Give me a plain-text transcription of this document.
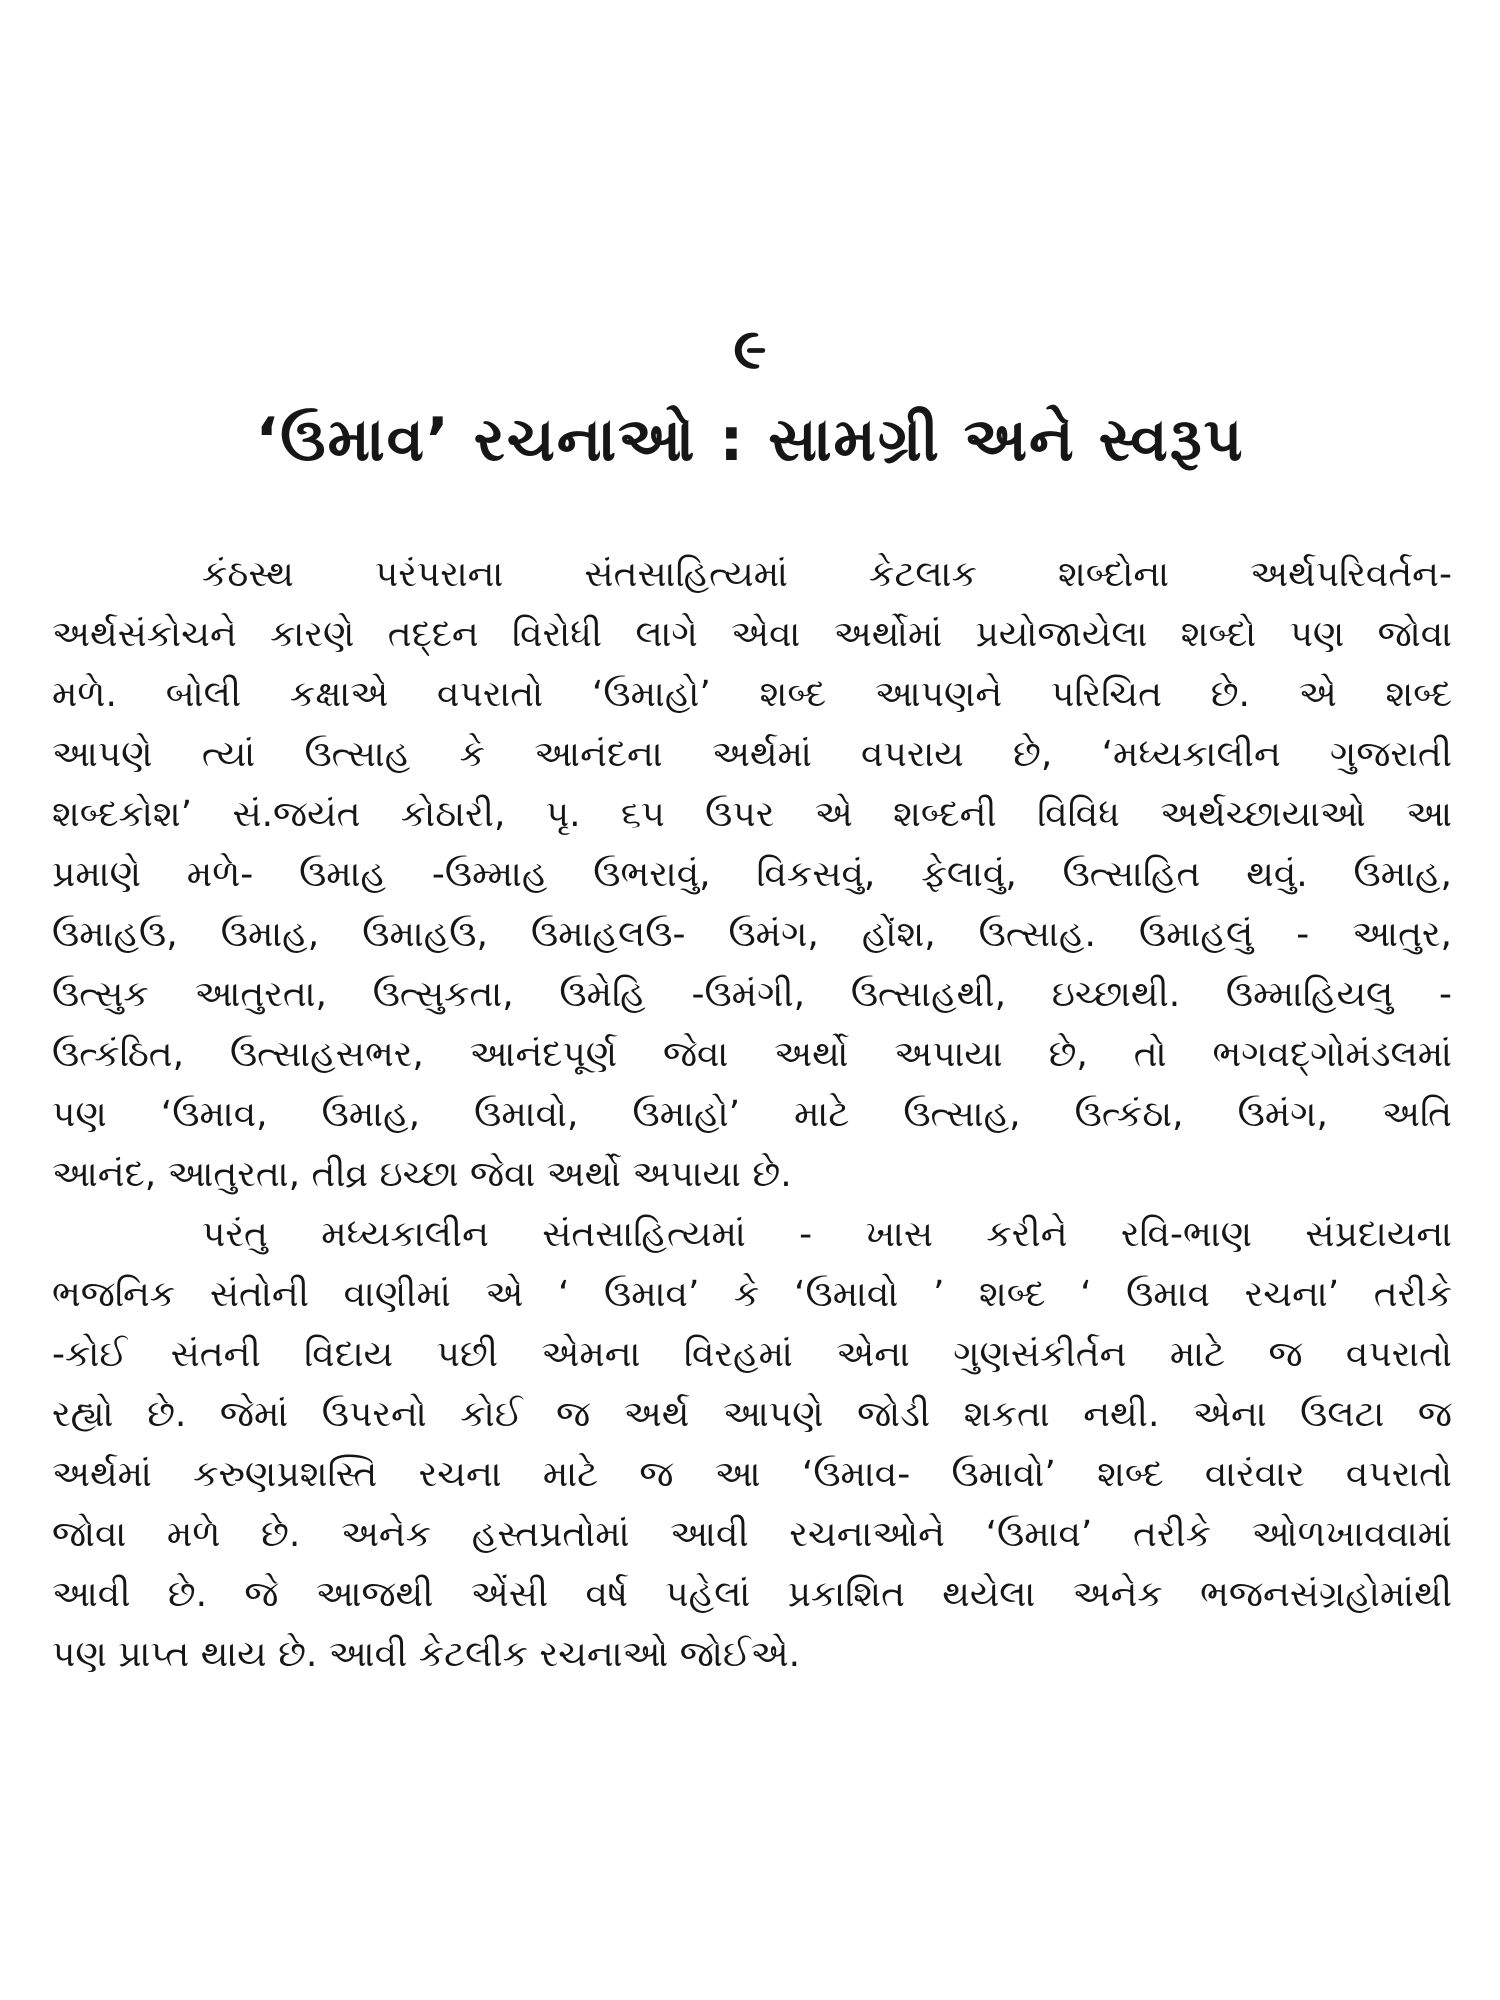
૯
‘ઉમાવ’ રચનાઓ : સામગ્રી અને સ્વરૂપ
કંઠસ્થ પરંપરાના સંતસાહિત્યમાં કેટલાક શબ્દોના અર્થપરિવર્તન-
અર્થસંકોચને કારણે તદ્દન વિરોધી લાગે એવા અર્થોમાં પ્રયોજાયેલા શબ્દો પણ જોવા
મળે. બોલી કક્ષાએ વપરાતો ‘ઉમાહો’ શબ્દ આપણને પરિચિત છે. એ શબ્દ
આપણે ત્યાં ઉત્સાહ કે આનંદના અર્થમાં વપરાય છે, ‘મધ્યકાલીન ગુજરાતી
શબ્દકોશ’ સં.જયંત કોઠારી, પૃ. ૬૫ ઉપર એ શબ્દની વિવિધ અર્થચ્છાયાઓ આ
પ્રમાણે મળે- ઉમાહ -ઉમ્માહ ઉભરાવું, વિકસવું, ફેલાવું, ઉત્સાહિત થવું. ઉમાહ,
ઉમાહઉ, ઉમાહ, ઉમાહઉ, ઉમાહલઉ- ઉમંગ, હોંશ, ઉત્સાહ. ઉમાહલું - આતુર,
ઉત્સુક આતુરતા, ઉત્સુકતા, ઉમેહિ -ઉમંગી, ઉત્સાહથી, ઇચ્છાથી. ઉમ્માહિયલુ -
ઉત્કંઠિત, ઉત્સાહસભર, આનંદપૂર્ણ જેવા અર્થો અપાયા છે, તો ભગવદ્‌ગોમંડલમાં
પણ ‘ઉમાવ, ઉમાહ, ઉમાવો, ઉમાહો’ માટે ઉત્સાહ, ઉત્કંઠા, ઉમંગ, અતિ
આનંદ, આતુરતા, તીવ્ર ઇચ્છા જેવા અર્થો અપાયા છે.
પરંતુ મધ્યકાલીન સંતસાહિત્યમાં - ખાસ કરીને રવિ-ભાણ સંપ્રદાયના
ભજનિક સંતોની વાણીમાં એ ‘ ઉમાવ’ કે ‘ઉમાવો ’ શબ્દ ‘ ઉમાવ રચના’ તરીકે
-કોઈ સંતની વિદાય પછી એમના વિરહમાં એના ગુણસંકીર્તન માટે જ વપરાતો
રહ્યો છે. જેમાં ઉપરનો કોઈ જ અર્થ આપણે જોડી શકતા નથી. એના ઉલટા જ
અર્થમાં કરુણપ્રશસ્તિ રચના માટે જ આ ‘ઉમાવ- ઉમાવો’ શબ્દ વારંવાર વપરાતો
જોવા મળે છે. અનેક હસ્તપ્રતોમાં આવી રચનાઓને ‘ઉમાવ’ તરીકે ઓળખાવવામાં
આવી છે. જે આજથી એંસી વર્ષ પહેલાં પ્રકાશિત થયેલા અનેક ભજનસંગ્રહોમાંથી
પણ પ્રાપ્ત થાય છે. આવી કેટલીક રચનાઓ જોઈએ.
